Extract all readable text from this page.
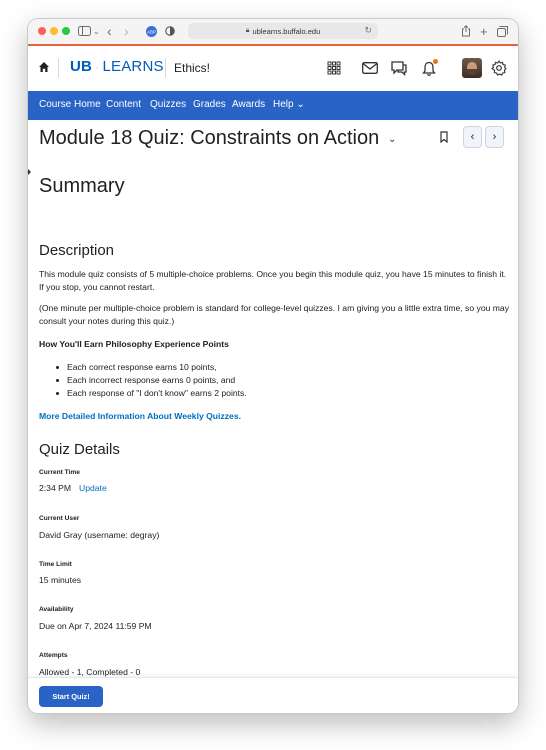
⌄ ‹ ›	ABP	🔒︎ ublearns.buffalo.edu	↻	+
UB · LEARNS Ethics!
Course Home Content Quizzes Grades Awards Help ⌄
Module 18 Quiz: Constraints on Action ⌄	‹	›
Summary
Description
This module quiz consists of 5 multiple-choice problems. Once you begin this module quiz, you have 15 minutes to finish it. If you stop, you cannot restart.
(One minute per multiple-choice problem is standard for college-level quizzes. I am giving you a little extra time, so you may consult your notes during this quiz.)
How You'll Earn Philosophy Experience Points
Each correct response earns 10 points,
Each incorrect response earns 0 points, and
Each response of "I don't know" earns 2 points.
More Detailed Information About Weekly Quizzes.
Quiz Details
Current Time
2:34 PM Update
Current User
David Gray (username: degray)
Time Limit
15 minutes
Availability
Due on Apr 7, 2024 11:59 PM
Attempts
Allowed - 1, Completed - 0
Start Quiz!
